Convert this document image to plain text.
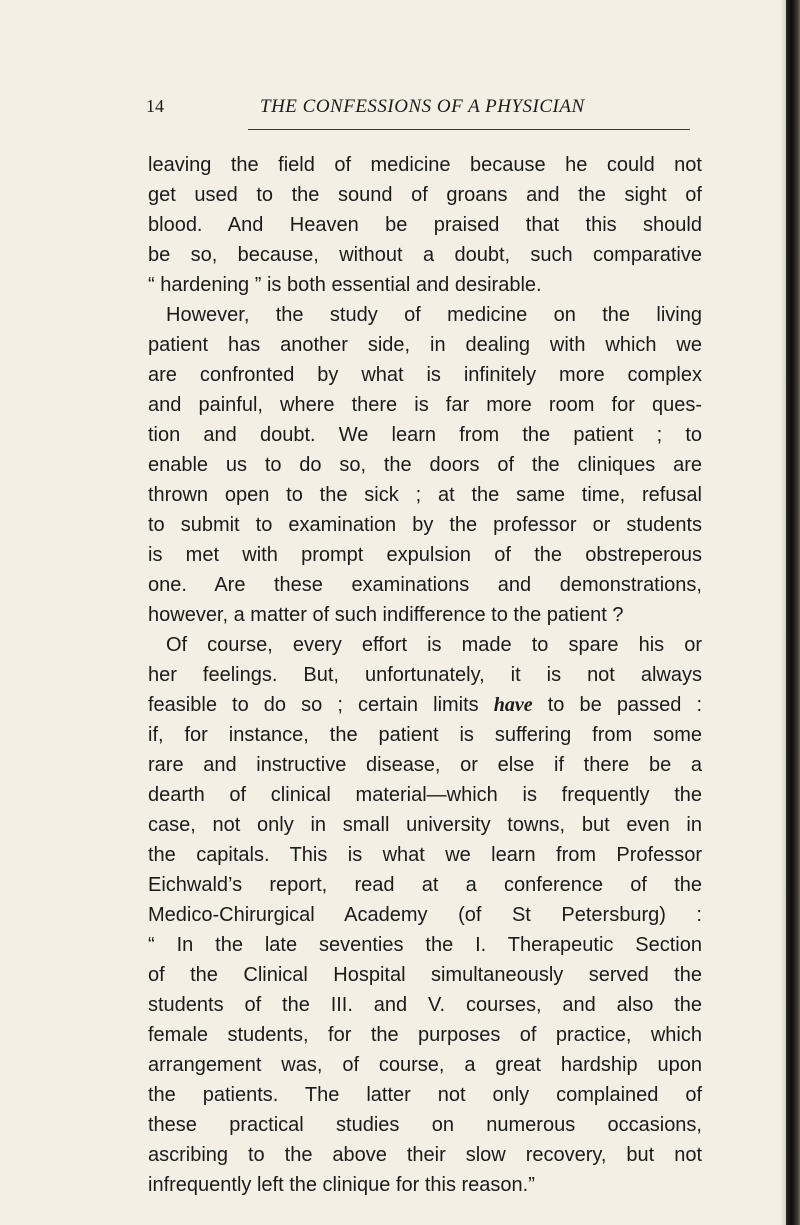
14	THE CONFESSIONS OF A PHYSICIAN
leaving the field of medicine because he could not
get used to the sound of groans and the sight of
blood. And Heaven be praised that this should
be so, because, without a doubt, such comparative
“ hardening ” is both essential and desirable.
However, the study of medicine on the living
patient has another side, in dealing with which we
are confronted by what is infinitely more complex
and painful, where there is far more room for ques-
tion and doubt. We learn from the patient ; to
enable us to do so, the doors of the cliniques are
thrown open to the sick ; at the same time, refusal
to submit to examination by the professor or students
is met with prompt expulsion of the obstreperous
one. Are these examinations and demonstrations,
however, a matter of such indifference to the patient ?
Of course, every effort is made to spare his or
her feelings. But, unfortunately, it is not always
feasible to do so ; certain limits have to be passed :
if, for instance, the patient is suffering from some
rare and instructive disease, or else if there be a
dearth of clinical material—which is frequently the
case, not only in small university towns, but even in
the capitals. This is what we learn from Professor
Eichwald’s report, read at a conference of the
Medico-Chirurgical Academy (of St Petersburg) :
“ In the late seventies the I. Therapeutic Section
of the Clinical Hospital simultaneously served the
students of the III. and V. courses, and also the
female students, for the purposes of practice, which
arrangement was, of course, a great hardship upon
the patients. The latter not only complained of
these practical studies on numerous occasions,
ascribing to the above their slow recovery, but not
infrequently left the clinique for this reason.”
